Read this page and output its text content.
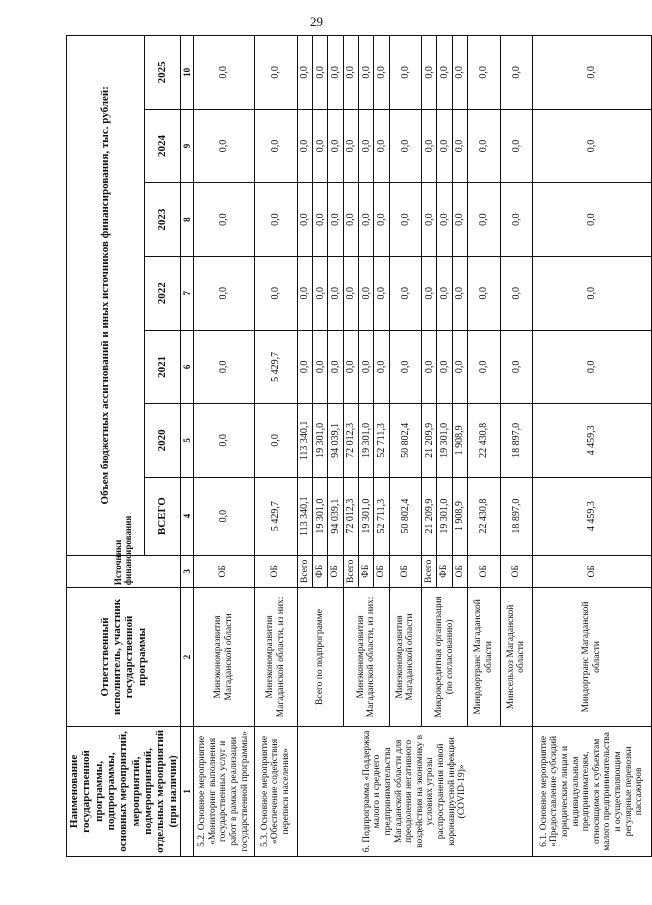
29
Наименование государственной программы, подпрограммы, основных мероприятий, мероприятий, подмероприятий, отдельных мероприятий (при наличии)	Ответственный исполнитель, участник государственной программы	Источники финансирования	Объем бюджетных ассигнований и иных источников финансирования, тыс. рублей:						
			ВСЕГО	2020	2021	2022	2023	2024	2025
1	2	3	4	5	6	7	8	9	10
5.2. Основное мероприятие «Мониторинг выполнения государственных услуг и работ в рамках реализации государственной программы»	Минэкономразвития Магаданской области	ОБ	0,0	0,0	0,0	0,0	0,0	0,0	0,0
5.3. Основное мероприятие «Обеспечение содействия переписи населения»	Минэкономразвития Магаданской области, из них:	ОБ	5 429,7	0,0	5 429,7	0,0	0,0	0,0	0,0
6. Подпрограмма «Поддержка малого и среднего предпринимательства Магаданской области для преодоления негативного воздействия на экономику в условиях угрозы распространения новой коронавирусной инфекции (COVID-19)»	Всего по подпрограмме	Всего	113 340,1	113 340,1	0,0	0,0	0,0	0,0	0,0
		ФБ	19 301,0	19 301,0	0,0	0,0	0,0	0,0	0,0
		ОБ	94 039,1	94 039,1	0,0	0,0	0,0	0,0	0,0
	Минэкономразвития Магаданской области, из них:	Всего	72 012,3	72 012,3	0,0	0,0	0,0	0,0	0,0
		ФБ	19 301,0	19 301,0	0,0	0,0	0,0	0,0	0,0
		ОБ	52 711,3	52 711,3	0,0	0,0	0,0	0,0	0,0
	Минэкономразвития Магаданской области	ОБ	50 802,4	50 802,4	0,0	0,0	0,0	0,0	0,0
	Микрокредитная организация (по согласованию)	Всего	21 209,9	21 209,9	0,0	0,0	0,0	0,0	0,0
		ФБ	19 301,0	19 301,0	0,0	0,0	0,0	0,0	0,0
		ОБ	1 908,9	1 908,9	0,0	0,0	0,0	0,0	0,0
	Минрдортранс Магаданской области	ОБ	22 430,8	22 430,8	0,0	0,0	0,0	0,0	0,0
	Минсельхоз Магаданской области	ОБ	18 897,0	18 897,0	0,0	0,0	0,0	0,0	0,0
6.1. Основное мероприятие «Предоставление субсидий юридическим лицам и индивидуальным предпринимателям, относящимся к субъектам малого предпринимательства и осуществляющим регулярные перевозки пассажиров	Миндортранс Магаданской области	ОБ	4 459,3	4 459,3	0,0	0,0	0,0	0,0	0,0
